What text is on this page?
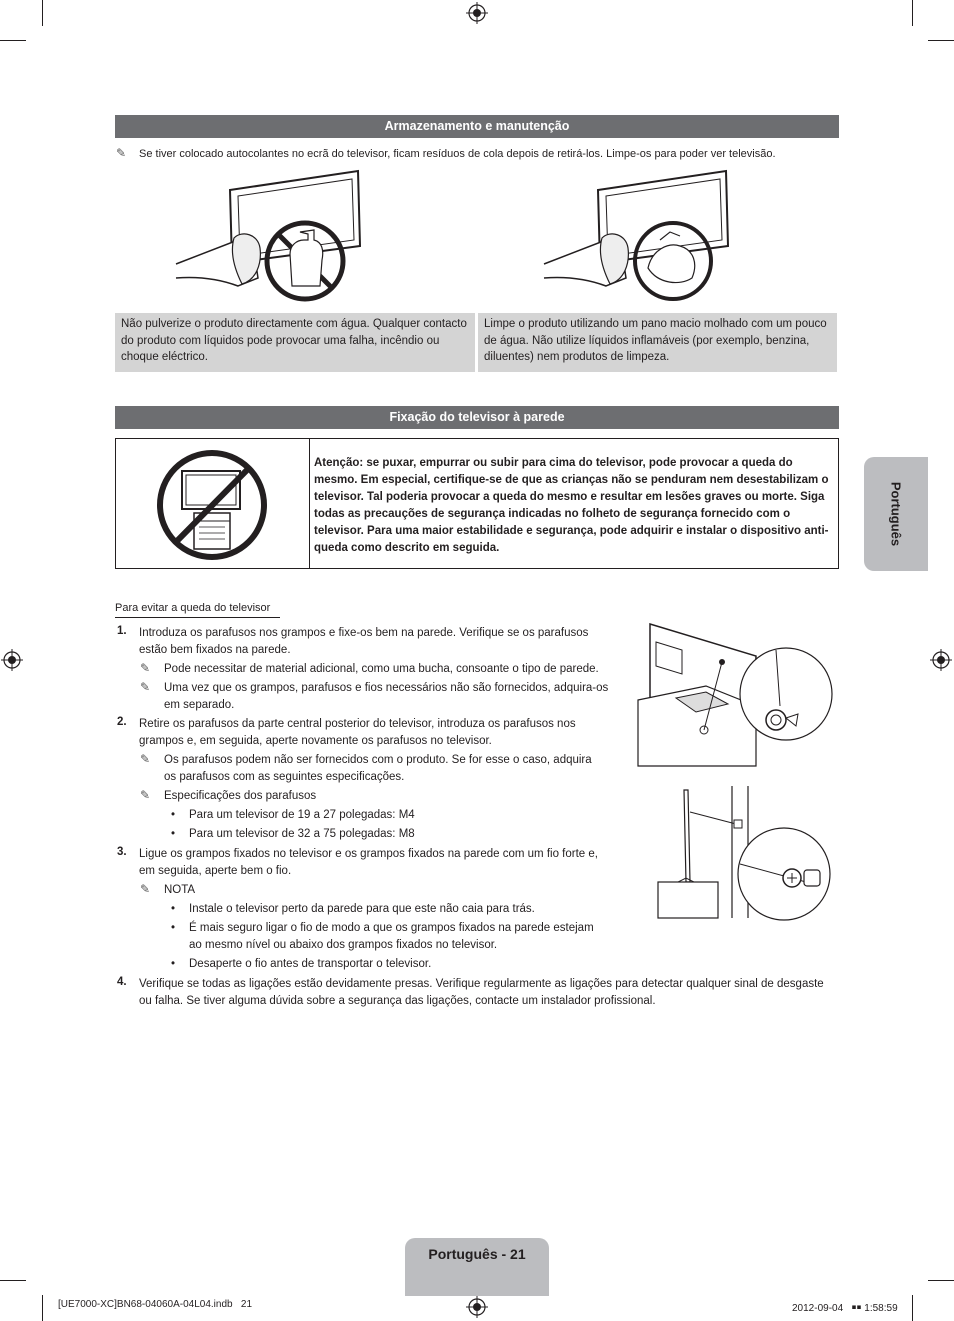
Armazenamento e manutenção
✎ Se tiver colocado autocolantes no ecrã do televisor, ficam resíduos de cola depois de retirá-los. Limpe-os para poder ver televisão.
Não pulverize o produto directamente com água. Qualquer contacto do produto com líquidos pode provocar uma falha, incêndio ou choque eléctrico.
Limpe o produto utilizando um pano macio molhado com um pouco de água. Não utilize líquidos inflamáveis (por exemplo, benzina, diluentes) nem produtos de limpeza.
Fixação do televisor à parede
Atenção: se puxar, empurrar ou subir para cima do televisor, pode provocar a queda do mesmo. Em especial, certifique-se de que as crianças não se penduram nem desestabilizam o televisor. Tal poderia provocar a queda do mesmo e resultar em lesões graves ou morte. Siga todas as precauções de segurança indicadas no folheto de segurança fornecido com o televisor. Para uma maior estabilidade e segurança, pode adquirir e instalar o dispositivo anti-queda como descrito em seguida.
Para evitar a queda do televisor
1. Introduza os parafusos nos grampos e fixe-os bem na parede. Verifique se os parafusos estão bem fixados na parede.
✎ Pode necessitar de material adicional, como uma bucha, consoante o tipo de parede.
✎ Uma vez que os grampos, parafusos e fios necessários não são fornecidos, adquira-os em separado.
2. Retire os parafusos da parte central posterior do televisor, introduza os parafusos nos grampos e, em seguida, aperte novamente os parafusos no televisor.
✎ Os parafusos podem não ser fornecidos com o produto. Se for esse o caso, adquira os parafusos com as seguintes especificações.
✎ Especificações dos parafusos
• Para um televisor de 19 a 27 polegadas: M4
• Para um televisor de 32 a 75 polegadas: M8
3. Ligue os grampos fixados no televisor e os grampos fixados na parede com um fio forte e, em seguida, aperte bem o fio.
✎ NOTA
• Instale o televisor perto da parede para que este não caia para trás.
• É mais seguro ligar o fio de modo a que os grampos fixados na parede estejam ao mesmo nível ou abaixo dos grampos fixados no televisor.
• Desaperte o fio antes de transportar o televisor.
4. Verifique se todas as ligações estão devidamente presas. Verifique regularmente as ligações para detectar qualquer sinal de desgaste ou falha. Se tiver alguma dúvida sobre a segurança das ligações, contacte um instalador profissional.
Português
Português - 21
[UE7000-XC]BN68-04060A-04L04.indb   21	2012-09-04   ￭￭ 1:58:59
